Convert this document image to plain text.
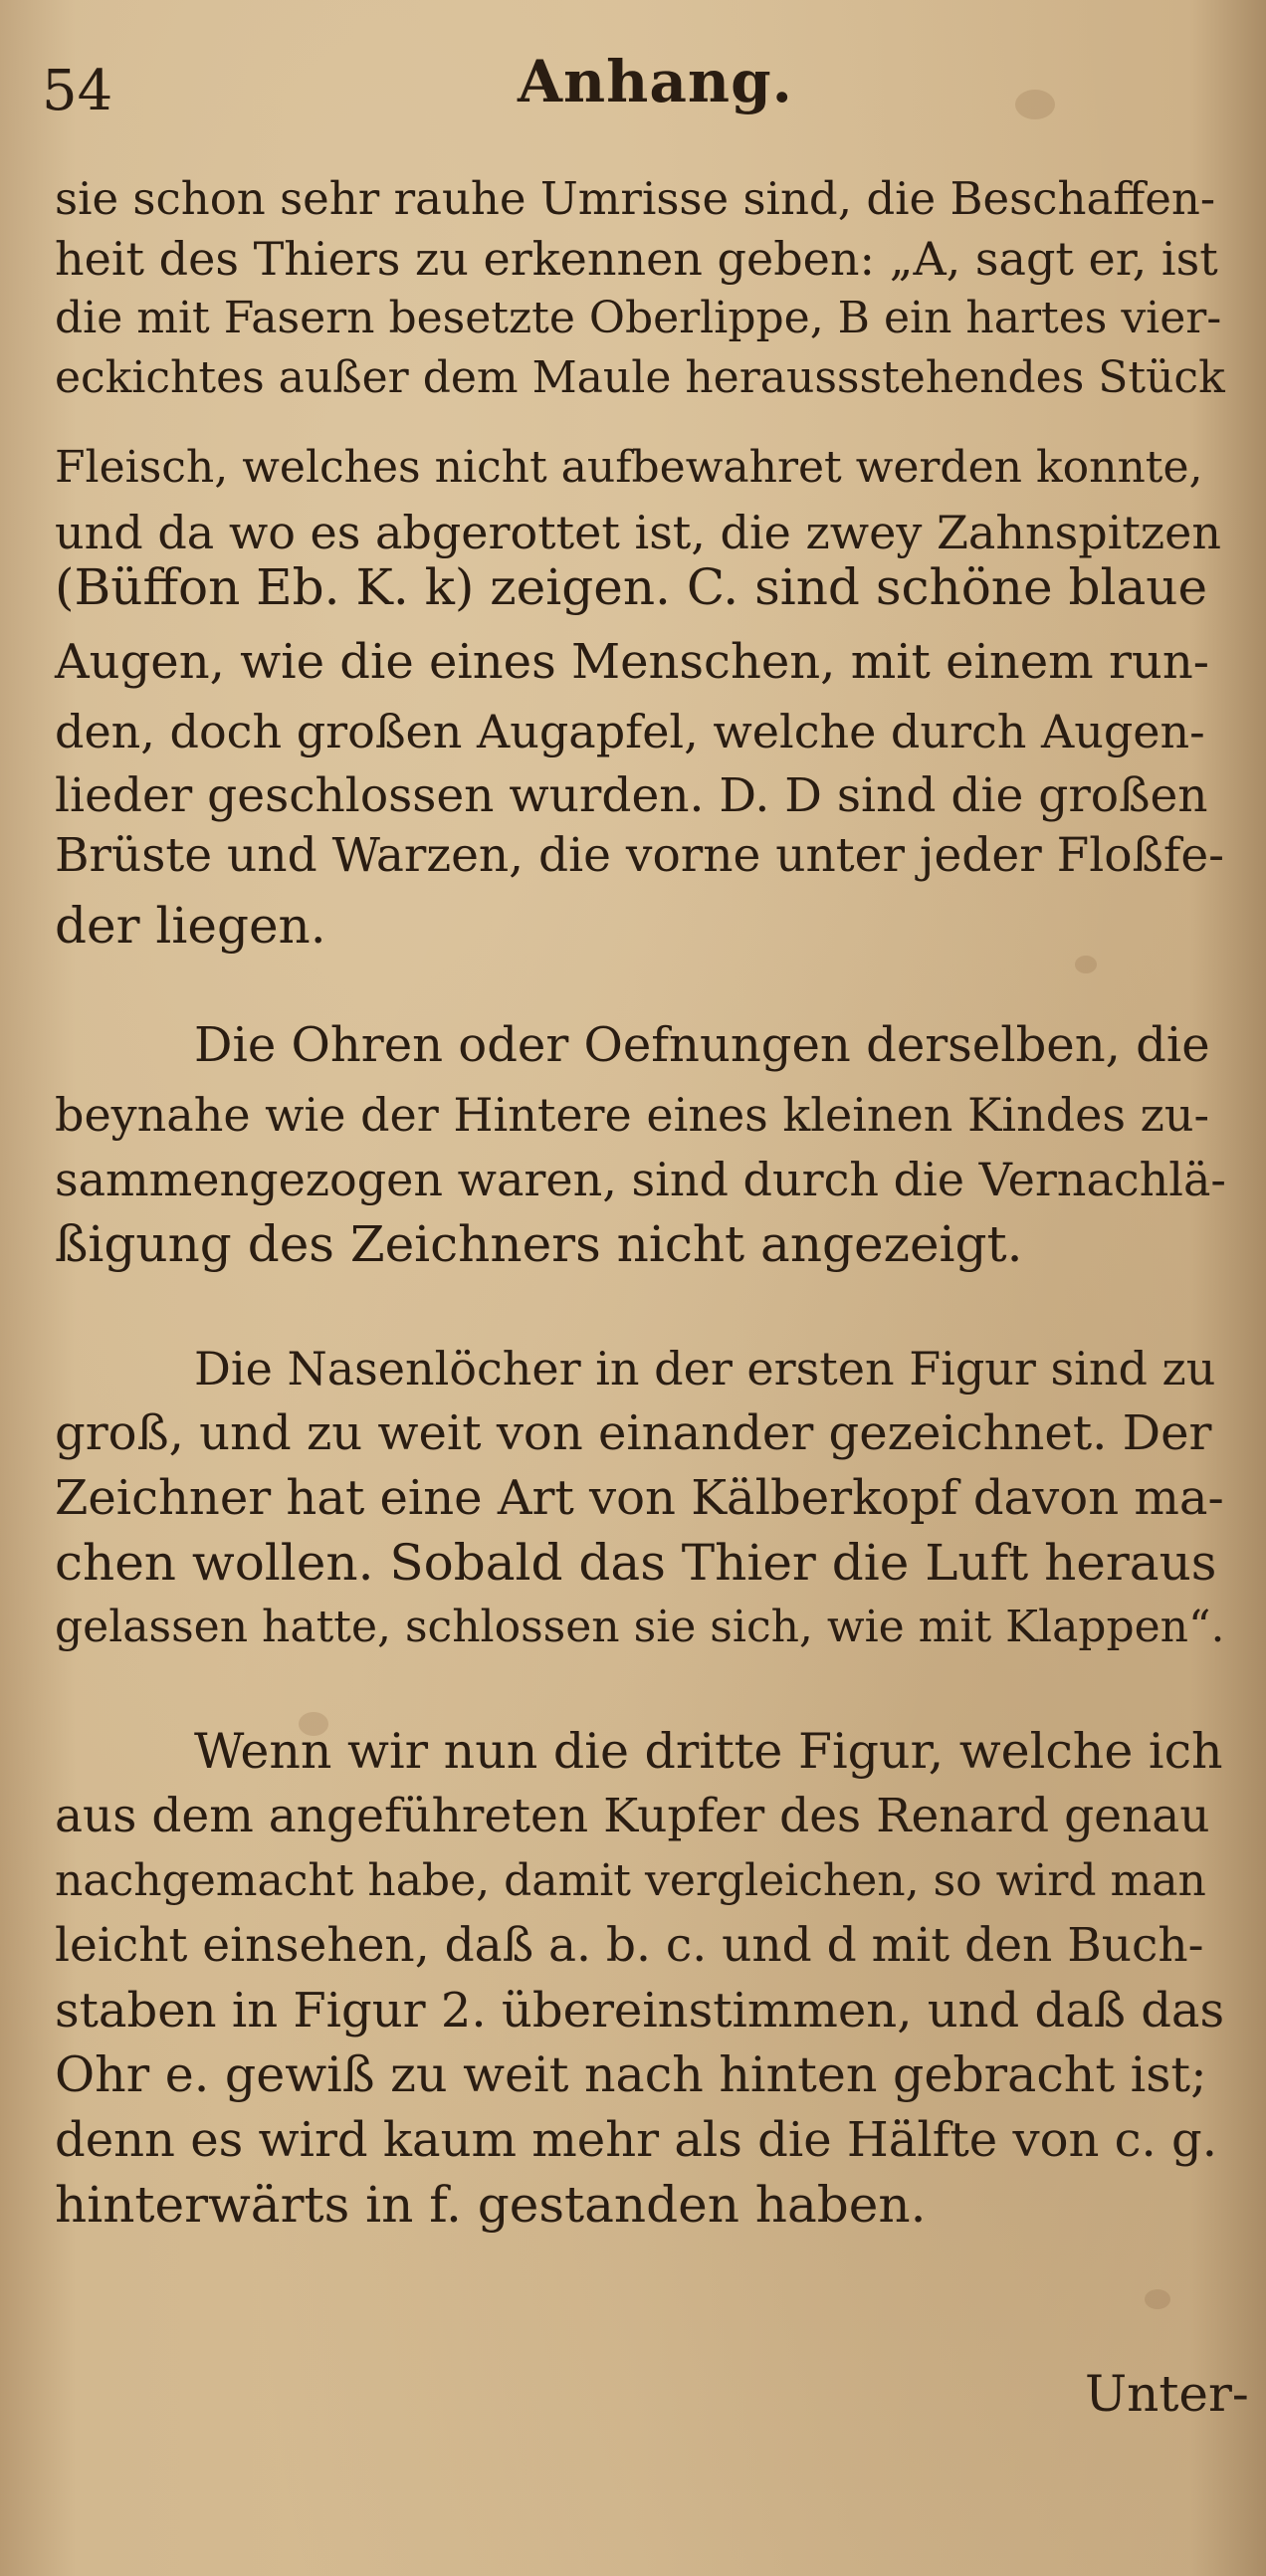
54	Anhang.
sie schon sehr rauhe Umrisse sind, die Beschaffen-
heit des Thiers zu erkennen geben: „A, sagt er, ist
die mit Fasern besetzte Oberlippe, B ein hartes vier-
eckichtes außer dem Maule heraussstehendes Stück
Fleisch, welches nicht aufbewahret werden konnte,
und da wo es abgerottet ist, die zwey Zahnspitzen
(Büffon Eb. K. k) zeigen. C. sind schöne blaue
Augen, wie die eines Menschen, mit einem run-
den, doch großen Augapfel, welche durch Augen-
lieder geschlossen wurden. D. D sind die großen
Brüste und Warzen, die vorne unter jeder Floßfe-
der liegen.
Die Ohren oder Oefnungen derselben, die
beynahe wie der Hintere eines kleinen Kindes zu-
sammengezogen waren, sind durch die Vernachlä-
ßigung des Zeichners nicht angezeigt.
Die Nasenlöcher in der ersten Figur sind zu
groß, und zu weit von einander gezeichnet. Der
Zeichner hat eine Art von Kälberkopf davon ma-
chen wollen. Sobald das Thier die Luft heraus
gelassen hatte, schlossen sie sich, wie mit Klappen“.
Wenn wir nun die dritte Figur, welche ich
aus dem angeführeten Kupfer des Renard genau
nachgemacht habe, damit vergleichen, so wird man
leicht einsehen, daß a. b. c. und d mit den Buch-
staben in Figur 2. übereinstimmen, und daß das
Ohr e. gewiß zu weit nach hinten gebracht ist;
denn es wird kaum mehr als die Hälfte von c. g.
hinterwärts in f. gestanden haben.
Unter-
